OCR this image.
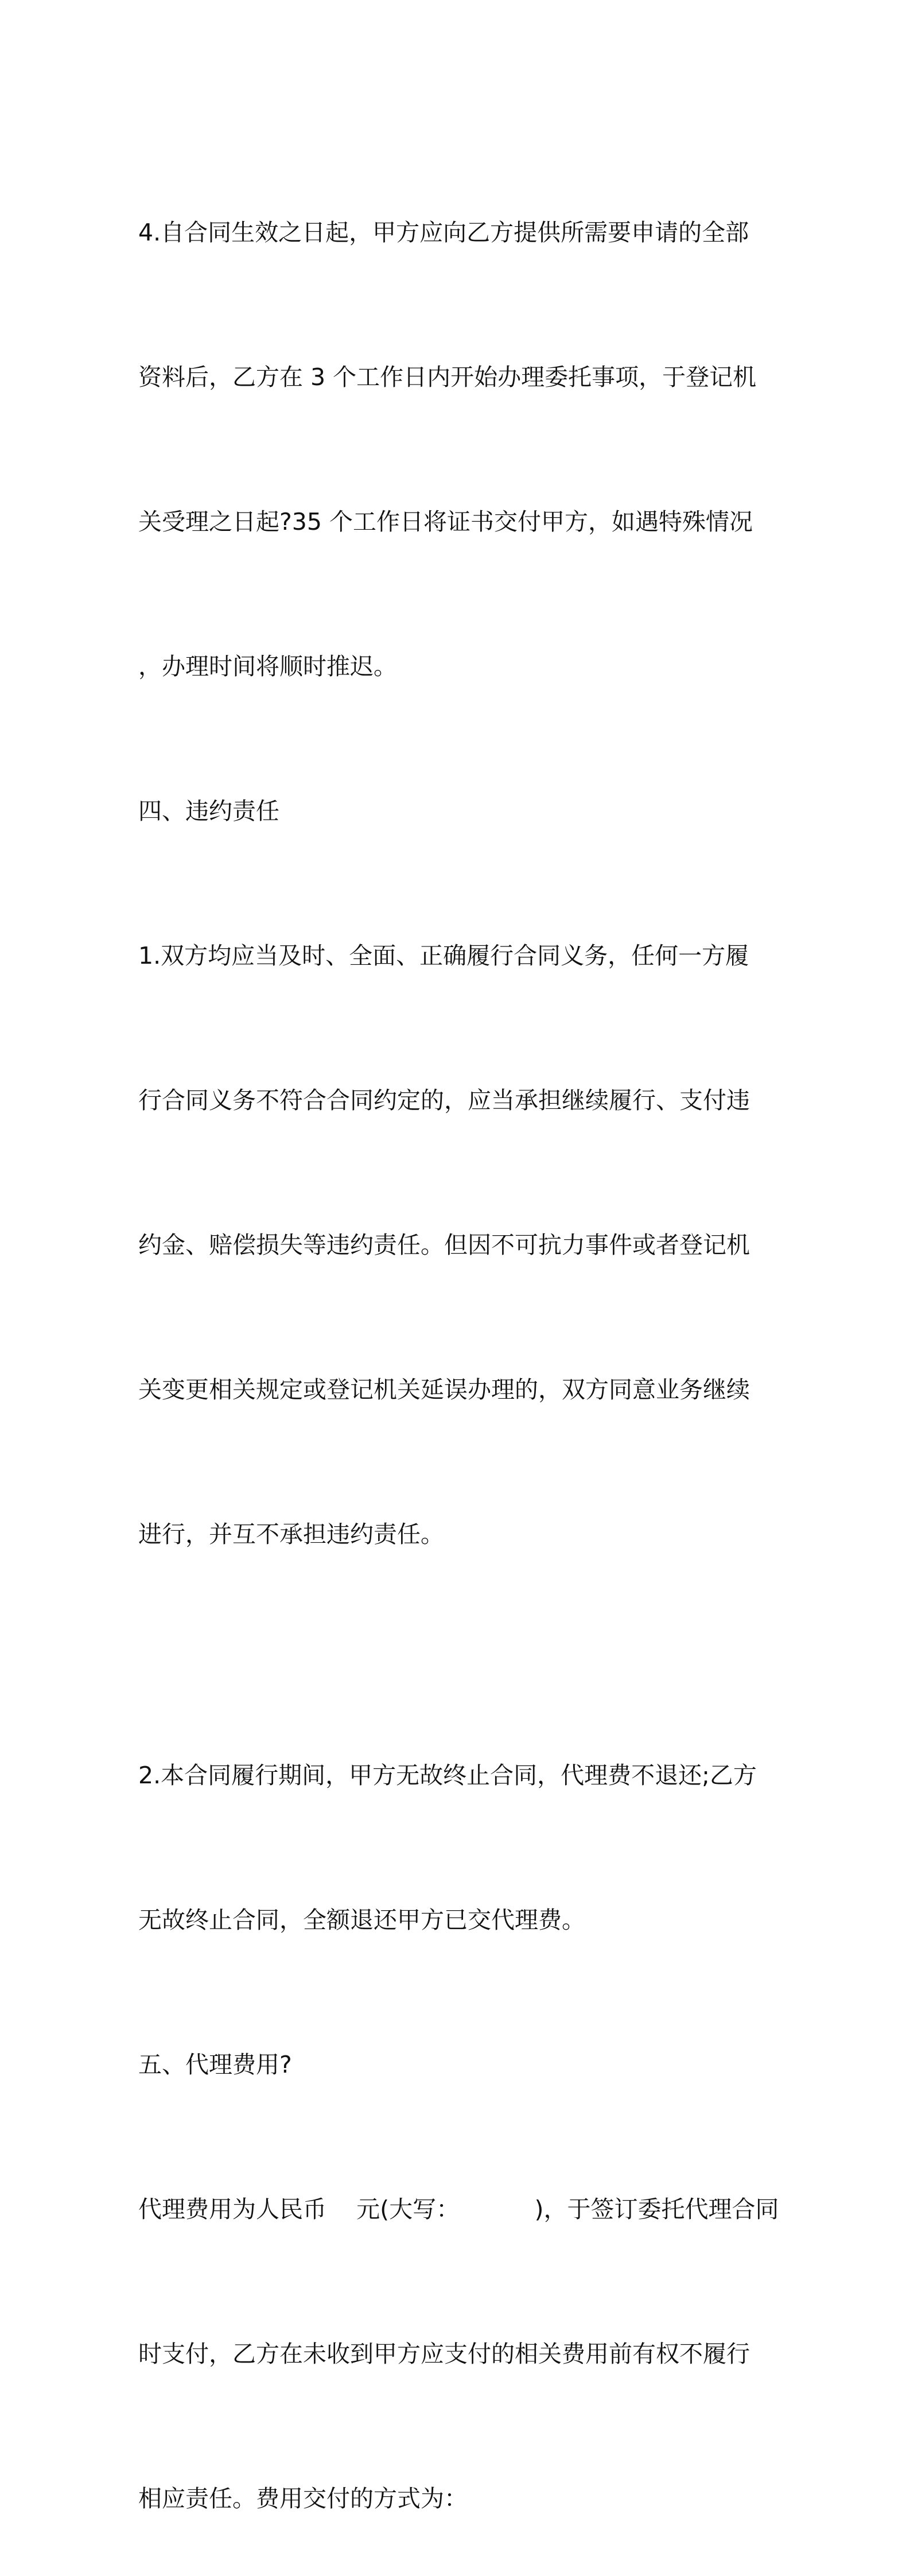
4.自合同生效之日起，甲方应向乙方提供所需要申请的全部

资料后，乙方在 3 个工作日内开始办理委托事项，于登记机

关受理之日起?35 个工作日将证书交付甲方，如遇特殊情况

，办理时间将顺时推迟。

四、违约责任

1.双方均应当及时、全面、正确履行合同义务，任何一方履

行合同义务不符合合同约定的，应当承担继续履行、支付违

约金、赔偿损失等违约责任。但因不可抗力事件或者登记机

关变更相关规定或登记机关延误办理的，双方同意业务继续

进行，并互不承担违约责任。

2.本合同履行期间，甲方无故终止合同，代理费不退还;乙方

无故终止合同，全额退还甲方已交代理费。

五、代理费用?

代理费用为人民币    元(大写：          )，于签订委托代理合同

时支付，乙方在未收到甲方应支付的相关费用前有权不履行

相应责任。费用交付的方式为：
